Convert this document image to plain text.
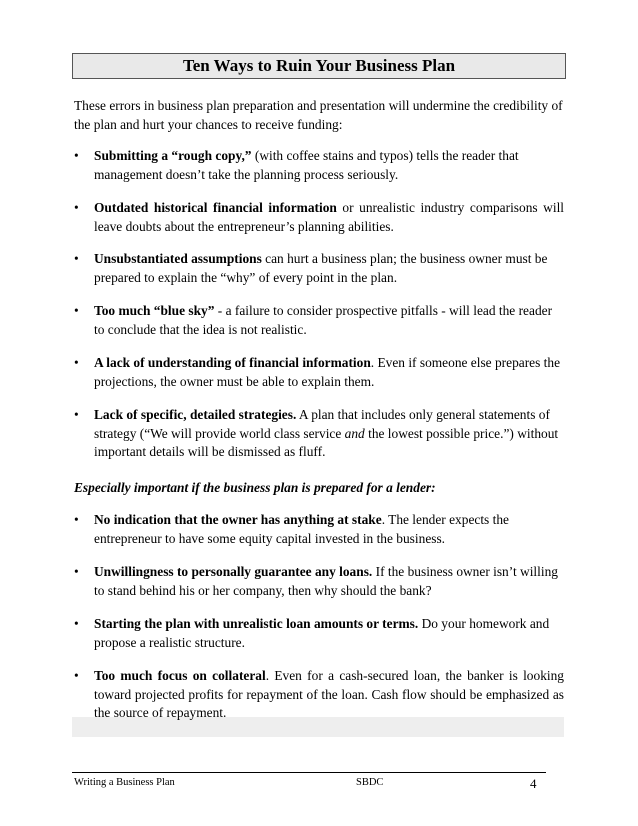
Ten Ways to Ruin Your Business Plan
These errors in business plan preparation and presentation will undermine the credibility of the plan and hurt your chances to receive funding:
•	Submitting a “rough copy,” (with coffee stains and typos) tells the reader that management doesn’t take the planning process seriously.
•	Outdated historical financial information or unrealistic industry comparisons will leave doubts about the entrepreneur’s planning abilities.
•	Unsubstantiated assumptions can hurt a business plan; the business owner must be prepared to explain the “why” of every point in the plan.
•	Too much “blue sky” - a failure to consider prospective pitfalls - will lead the reader to conclude that the idea is not realistic.
•	A lack of understanding of financial information. Even if someone else prepares the projections, the owner must be able to explain them.
•	Lack of specific, detailed strategies. A plan that includes only general statements of strategy (“We will provide world class service and the lowest possible price.”) without important details will be dismissed as fluff.
Especially important if the business plan is prepared for a lender:
•	No indication that the owner has anything at stake. The lender expects the entrepreneur to have some equity capital invested in the business.
•	Unwillingness to personally guarantee any loans. If the business owner isn’t willing to stand behind his or her company, then why should the bank?
•	Starting the plan with unrealistic loan amounts or terms. Do your homework and propose a realistic structure.
•	Too much focus on collateral. Even for a cash-secured loan, the banker is looking toward projected profits for repayment of the loan. Cash flow should be emphasized as the source of repayment.
Writing a Business Plan	SBDC	4
